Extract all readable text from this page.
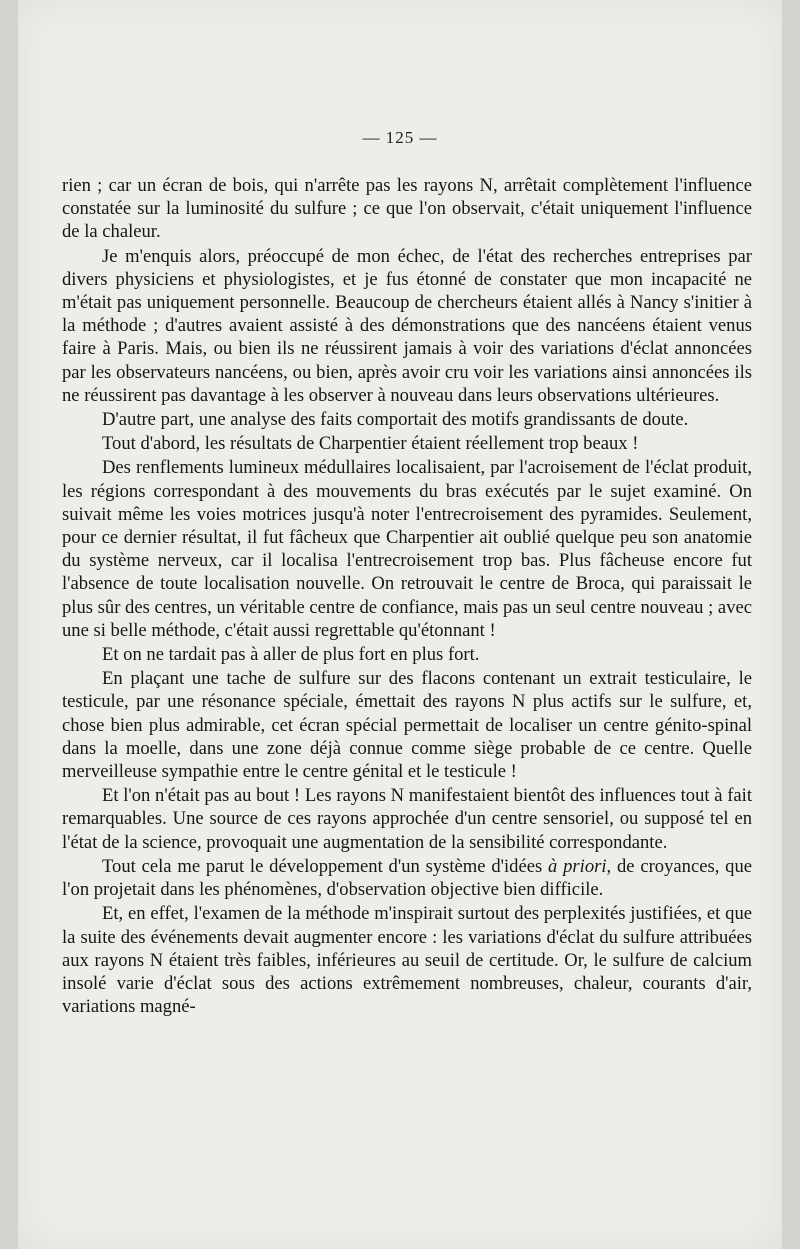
— 125 —

rien ; car un écran de bois, qui n'arrête pas les rayons N, arrêtait complètement l'influence constatée sur la luminosité du sulfure ; ce que l'on observait, c'était uniquement l'influence de la chaleur.

Je m'enquis alors, préoccupé de mon échec, de l'état des recherches entreprises par divers physiciens et physiologistes, et je fus étonné de constater que mon incapacité ne m'était pas uniquement personnelle. Beaucoup de chercheurs étaient allés à Nancy s'initier à la méthode ; d'autres avaient assisté à des démonstrations que des nancéens étaient venus faire à Paris. Mais, ou bien ils ne réussirent jamais à voir des variations d'éclat annoncées par les observateurs nancéens, ou bien, après avoir cru voir les variations ainsi annoncées ils ne réussirent pas davantage à les observer à nouveau dans leurs observations ultérieures.

D'autre part, une analyse des faits comportait des motifs grandissants de doute.

Tout d'abord, les résultats de Charpentier étaient réellement trop beaux !

Des renflements lumineux médullaires localisaient, par l'acroisement de l'éclat produit, les régions correspondant à des mouvements du bras exécutés par le sujet examiné. On suivait même les voies motrices jusqu'à noter l'entrecroisement des pyramides. Seulement, pour ce dernier résultat, il fut fâcheux que Charpentier ait oublié quelque peu son anatomie du système nerveux, car il localisa l'entrecroisement trop bas. Plus fâcheuse encore fut l'absence de toute localisation nouvelle. On retrouvait le centre de Broca, qui paraissait le plus sûr des centres, un véritable centre de confiance, mais pas un seul centre nouveau ; avec une si belle méthode, c'était aussi regrettable qu'étonnant !

Et on ne tardait pas à aller de plus fort en plus fort.

En plaçant une tache de sulfure sur des flacons contenant un extrait testiculaire, le testicule, par une résonance spéciale, émettait des rayons N plus actifs sur le sulfure, et, chose bien plus admirable, cet écran spécial permettait de localiser un centre génito-spinal dans la moelle, dans une zone déjà connue comme siège probable de ce centre. Quelle merveilleuse sympathie entre le centre génital et le testicule !

Et l'on n'était pas au bout ! Les rayons N manifestaient bientôt des influences tout à fait remarquables. Une source de ces rayons approchée d'un centre sensoriel, ou supposé tel en l'état de la science, provoquait une augmentation de la sensibilité correspondante.

Tout cela me parut le développement d'un système d'idées à priori, de croyances, que l'on projetait dans les phénomènes, d'observation objective bien difficile.

Et, en effet, l'examen de la méthode m'inspirait surtout des perplexités justifiées, et que la suite des événements devait augmenter encore : les variations d'éclat du sulfure attribuées aux rayons N étaient très faibles, inférieures au seuil de certitude. Or, le sulfure de calcium insolé varie d'éclat sous des actions extrêmement nombreuses, chaleur, courants d'air, variations magné-
